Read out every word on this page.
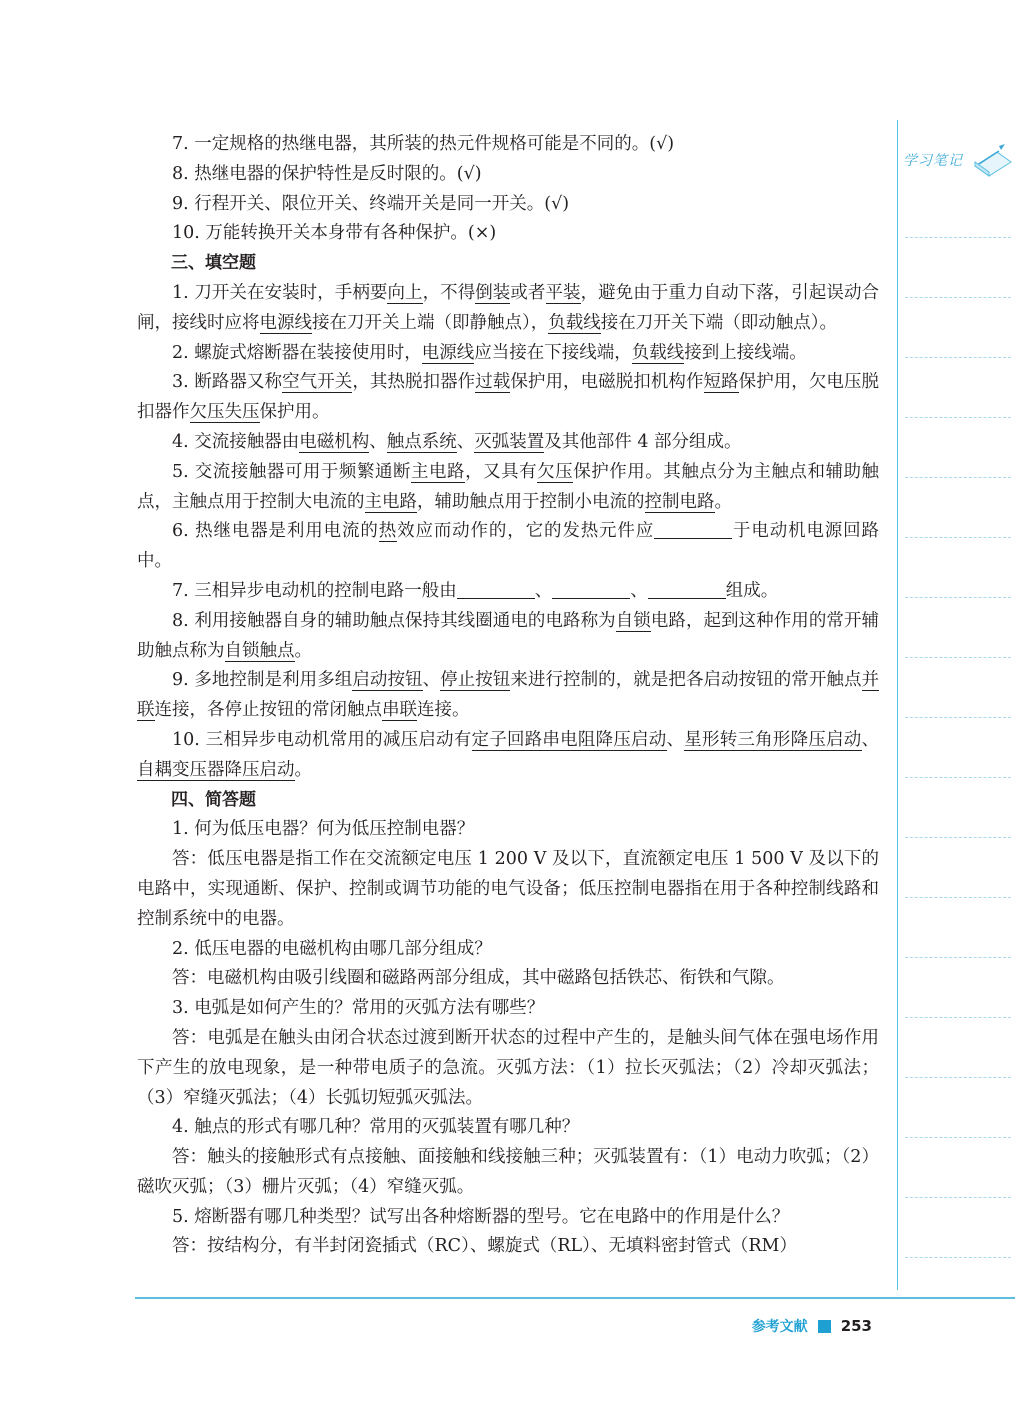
7. 一定规格的热继电器，其所装的热元件规格可能是不同的。(√)

8. 热继电器的保护特性是反时限的。(√)

9. 行程开关、限位开关、终端开关是同一开关。(√)

10. 万能转换开关本身带有各种保护。(×)

三、填空题

1. 刀开关在安装时，手柄要向上，不得倒装或者平装，避免由于重力自动下落，引起误动合闸，接线时应将电源线接在刀开关上端（即静触点），负载线接在刀开关下端（即动触点）。

2. 螺旋式熔断器在装接使用时，电源线应当接在下接线端，负载线接到上接线端。

3. 断路器又称空气开关，其热脱扣器作过载保护用，电磁脱扣机构作短路保护用，欠电压脱扣器作欠压失压保护用。

4. 交流接触器由电磁机构、触点系统、灭弧装置及其他部件 4 部分组成。

5. 交流接触器可用于频繁通断主电路，又具有欠压保护作用。其触点分为主触点和辅助触点，主触点用于控制大电流的主电路，辅助触点用于控制小电流的控制电路。

6. 热继电器是利用电流的热效应而动作的，它的发热元件应	于电动机电源回路中。

7. 三相异步电动机的控制电路一般由	、	、	组成。

8. 利用接触器自身的辅助触点保持其线圈通电的电路称为自锁电路，起到这种作用的常开辅助触点称为自锁触点。

9. 多地控制是利用多组启动按钮、停止按钮来进行控制的，就是把各启动按钮的常开触点并联连接，各停止按钮的常闭触点串联连接。

10. 三相异步电动机常用的减压启动有定子回路串电阻降压启动、星形转三角形降压启动、自耦变压器降压启动。

四、简答题

1. 何为低压电器？何为低压控制电器？

答：低压电器是指工作在交流额定电压 1 200 V 及以下，直流额定电压 1 500 V 及以下的电路中，实现通断、保护、控制或调节功能的电气设备；低压控制电器指在用于各种控制线路和控制系统中的电器。

2. 低压电器的电磁机构由哪几部分组成？

答：电磁机构由吸引线圈和磁路两部分组成，其中磁路包括铁芯、衔铁和气隙。

3. 电弧是如何产生的？常用的灭弧方法有哪些？

答：电弧是在触头由闭合状态过渡到断开状态的过程中产生的，是触头间气体在强电场作用下产生的放电现象，是一种带电质子的急流。灭弧方法：（1）拉长灭弧法；（2）冷却灭弧法；（3）窄缝灭弧法；（4）长弧切短弧灭弧法。

4. 触点的形式有哪几种？常用的灭弧装置有哪几种？

答：触头的接触形式有点接触、面接触和线接触三种；灭弧装置有：（1）电动力吹弧；（2）磁吹灭弧；（3）栅片灭弧；（4）窄缝灭弧。

5. 熔断器有哪几种类型？试写出各种熔断器的型号。它在电路中的作用是什么？

答：按结构分，有半封闭瓷插式（RC）、螺旋式（RL）、无填料密封管式（RM）

学习笔记
参考文献 253
